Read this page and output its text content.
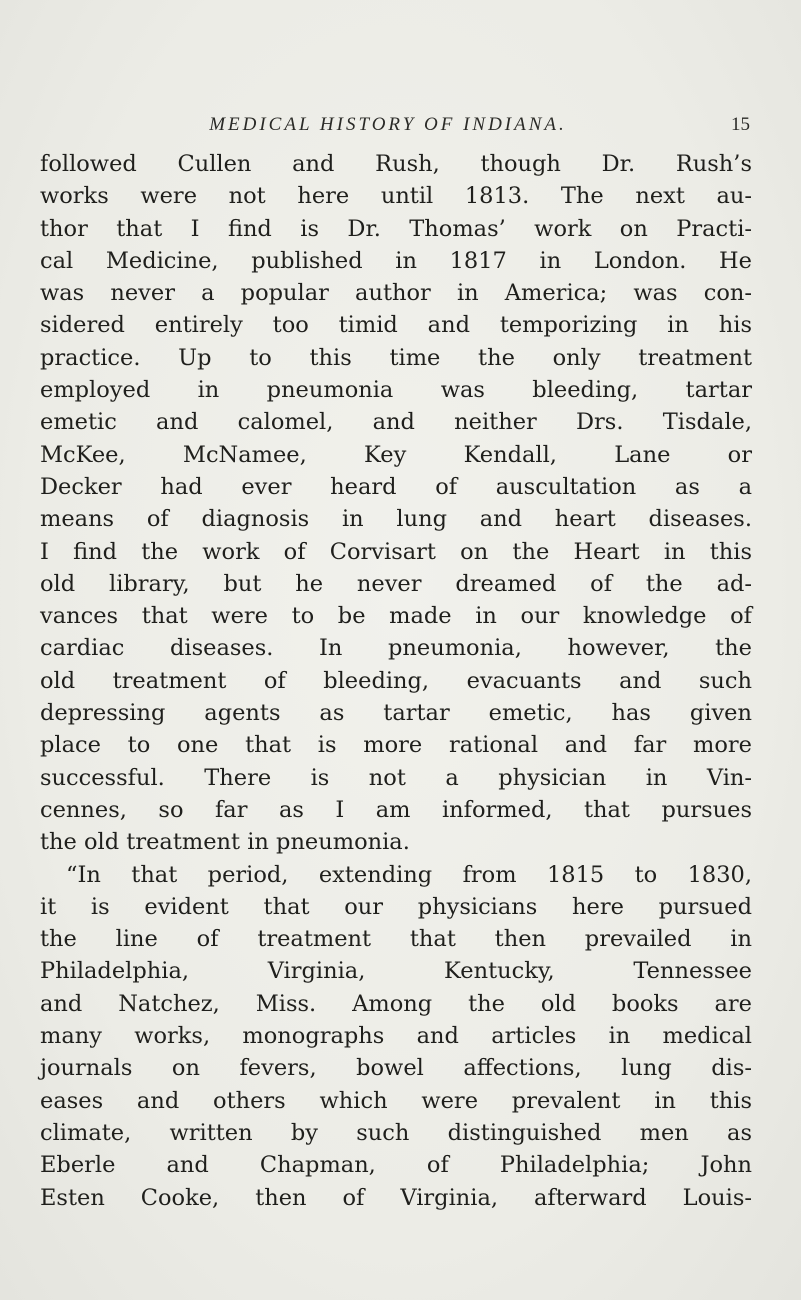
MEDICAL HISTORY OF INDIANA.	15
followed Cullen and Rush, though Dr. Rush’s
works were not here until 1813. The next au-
thor that I find is Dr. Thomas’ work on Practi-
cal Medicine, published in 1817 in London. He
was never a popular author in America; was con-
sidered entirely too timid and temporizing in his
practice. Up to this time the only treatment
employed in pneumonia was bleeding, tartar
emetic and calomel, and neither Drs. Tisdale,
McKee, McNamee, Key Kendall, Lane or
Decker had ever heard of auscultation as a
means of diagnosis in lung and heart diseases.
I find the work of Corvisart on the Heart in this
old library, but he never dreamed of the ad-
vances that were to be made in our knowledge of
cardiac diseases. In pneumonia, however, the
old treatment of bleeding, evacuants and such
depressing agents as tartar emetic, has given
place to one that is more rational and far more
successful. There is not a physician in Vin-
cennes, so far as I am informed, that pursues
the old treatment in pneumonia.
“In that period, extending from 1815 to 1830,
it is evident that our physicians here pursued
the line of treatment that then prevailed in
Philadelphia, Virginia, Kentucky, Tennessee
and Natchez, Miss. Among the old books are
many works, monographs and articles in medical
journals on fevers, bowel affections, lung dis-
eases and others which were prevalent in this
climate, written by such distinguished men as
Eberle and Chapman, of Philadelphia; John
Esten Cooke, then of Virginia, afterward Louis-
